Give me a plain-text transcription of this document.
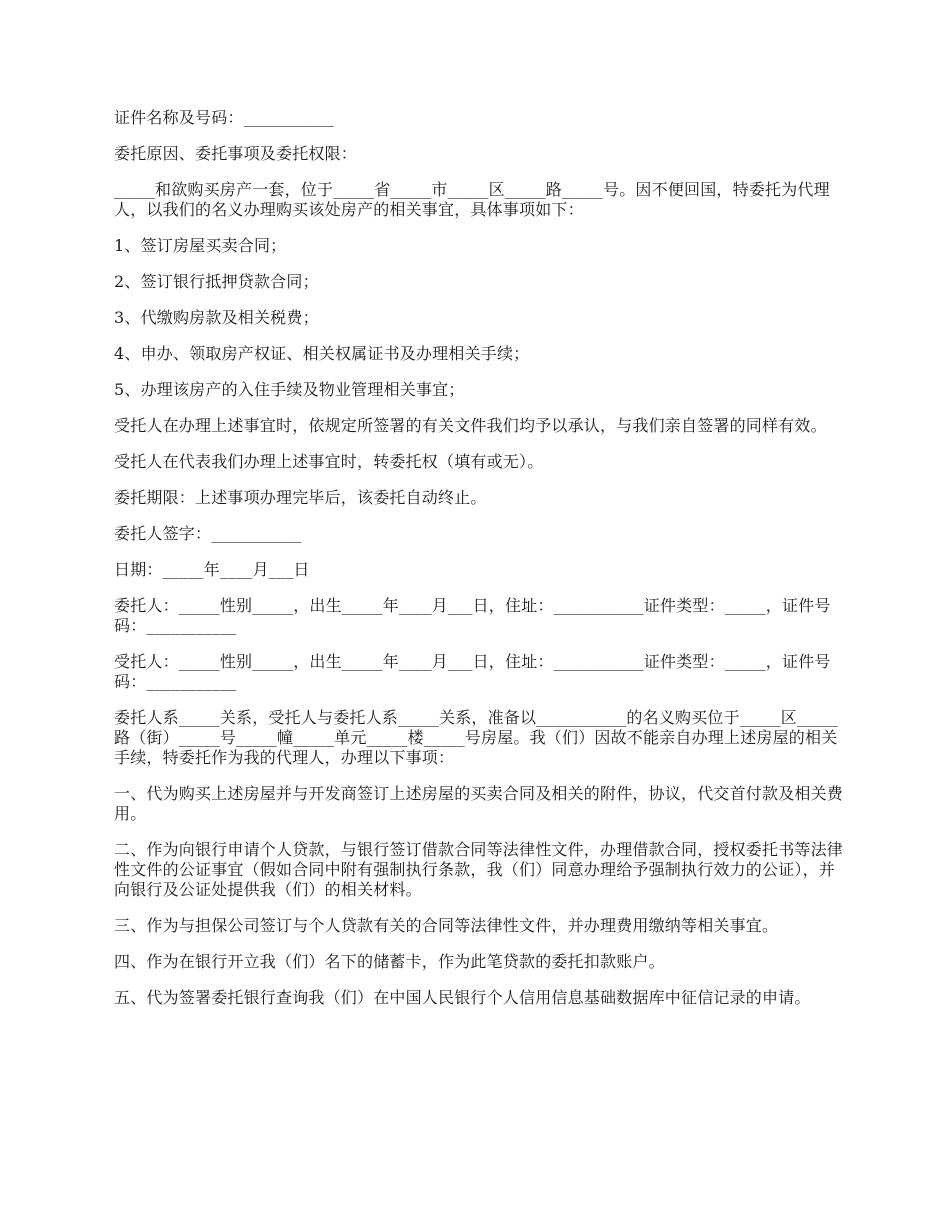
证件名称及号码：___________

委托原因、委托事项及委托权限：

_____和欲购买房产一套，位于_____省_____市_____区_____路_____号。因不便回国，特委托为代理人，以我们的名义办理购买该处房产的相关事宜，具体事项如下：

1、签订房屋买卖合同；

2、签订银行抵押贷款合同；

3、代缴购房款及相关税费；

4、申办、领取房产权证、相关权属证书及办理相关手续；

5、办理该房产的入住手续及物业管理相关事宜；

受托人在办理上述事宜时，依规定所签署的有关文件我们均予以承认，与我们亲自签署的同样有效。

受托人在代表我们办理上述事宜时，转委托权（填有或无）。

委托期限：上述事项办理完毕后，该委托自动终止。

委托人签字：___________

日期：_____年____月___日

委托人：_____性别_____，出生_____年____月___日，住址：___________证件类型：_____，证件号码：___________

受托人：_____性别_____，出生_____年____月___日，住址：___________证件类型：_____，证件号码：___________

委托人系_____关系，受托人与委托人系_____关系，准备以___________的名义购买位于_____区_____路（街）_____号_____幢_____单元_____楼_____号房屋。我（们）因故不能亲自办理上述房屋的相关手续，特委托作为我的代理人，办理以下事项：

一、代为购买上述房屋并与开发商签订上述房屋的买卖合同及相关的附件，协议，代交首付款及相关费用。

二、作为向银行申请个人贷款，与银行签订借款合同等法律性文件，办理借款合同，授权委托书等法律性文件的公证事宜（假如合同中附有强制执行条款，我（们）同意办理给予强制执行效力的公证），并向银行及公证处提供我（们）的相关材料。

三、作为与担保公司签订与个人贷款有关的合同等法律性文件，并办理费用缴纳等相关事宜。

四、作为在银行开立我（们）名下的储蓄卡，作为此笔贷款的委托扣款账户。

五、代为签署委托银行查询我（们）在中国人民银行个人信用信息基础数据库中征信记录的申请。
